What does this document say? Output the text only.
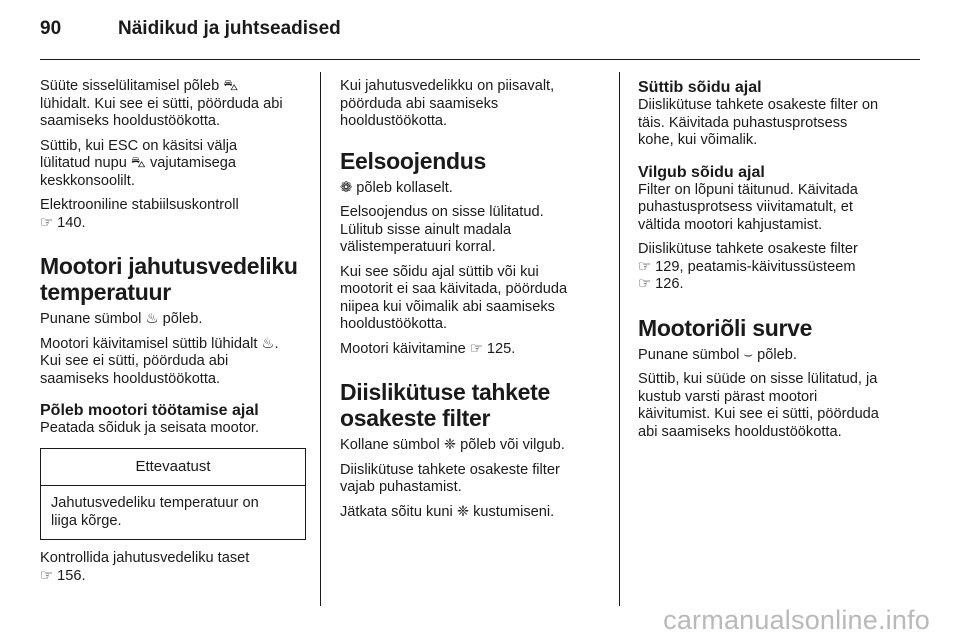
90	Näidikud ja juhtseadised

Süüte sisselülitamisel põleb ⛍
lühidalt. Kui see ei sütti, pöörduda abi
saamiseks hooldustöökotta.

Süttib, kui ESC on käsitsi välja
lülitatud nupu ⛍ vajutamisega
keskkonsoolilt.

Elektrooniline stabiilsuskontroll
☞ 140.

Mootori jahutusvedeliku
temperatuur

Punane sümbol ♨ põleb.

Mootori käivitamisel süttib lühidalt ♨.
Kui see ei sütti, pöörduda abi
saamiseks hooldustöökotta.

Põleb mootori töötamise ajal

Peatada sõiduk ja seisata mootor.

Ettevaatust
Jahutusvedeliku temperatuur on
liiga kõrge.

Kontrollida jahutusvedeliku taset
☞ 156.

Kui jahutusvedelikku on piisavalt,
pöörduda abi saamiseks
hooldustöökotta.

Eelsoojendus

❁ põleb kollaselt.

Eelsoojendus on sisse lülitatud.
Lülitub sisse ainult madala
välistemperatuuri korral.

Kui see sõidu ajal süttib või kui
mootorit ei saa käivitada, pöörduda
niipea kui võimalik abi saamiseks
hooldustöökotta.

Mootori käivitamine ☞ 125.

Diislikütuse tahkete
osakeste filter

Kollane sümbol ❈ põleb või vilgub.

Diislikütuse tahkete osakeste filter
vajab puhastamist.

Jätkata sõitu kuni ❈ kustumiseni.

Süttib sõidu ajal

Diislikütuse tahkete osakeste filter on
täis. Käivitada puhastusprotsess
kohe, kui võimalik.

Vilgub sõidu ajal

Filter on lõpuni täitunud. Käivitada
puhastusprotsess viivitamatult, et
vältida mootori kahjustamist.

Diislikütuse tahkete osakeste filter
☞ 129, peatamis-käivitussüsteem
☞ 126.

Mootoriõli surve

Punane sümbol ⌣ põleb.

Süttib, kui süüde on sisse lülitatud, ja
kustub varsti pärast mootori
käivitumist. Kui see ei sütti, pöörduda
abi saamiseks hooldustöökotta.

carmanualsonline.info
